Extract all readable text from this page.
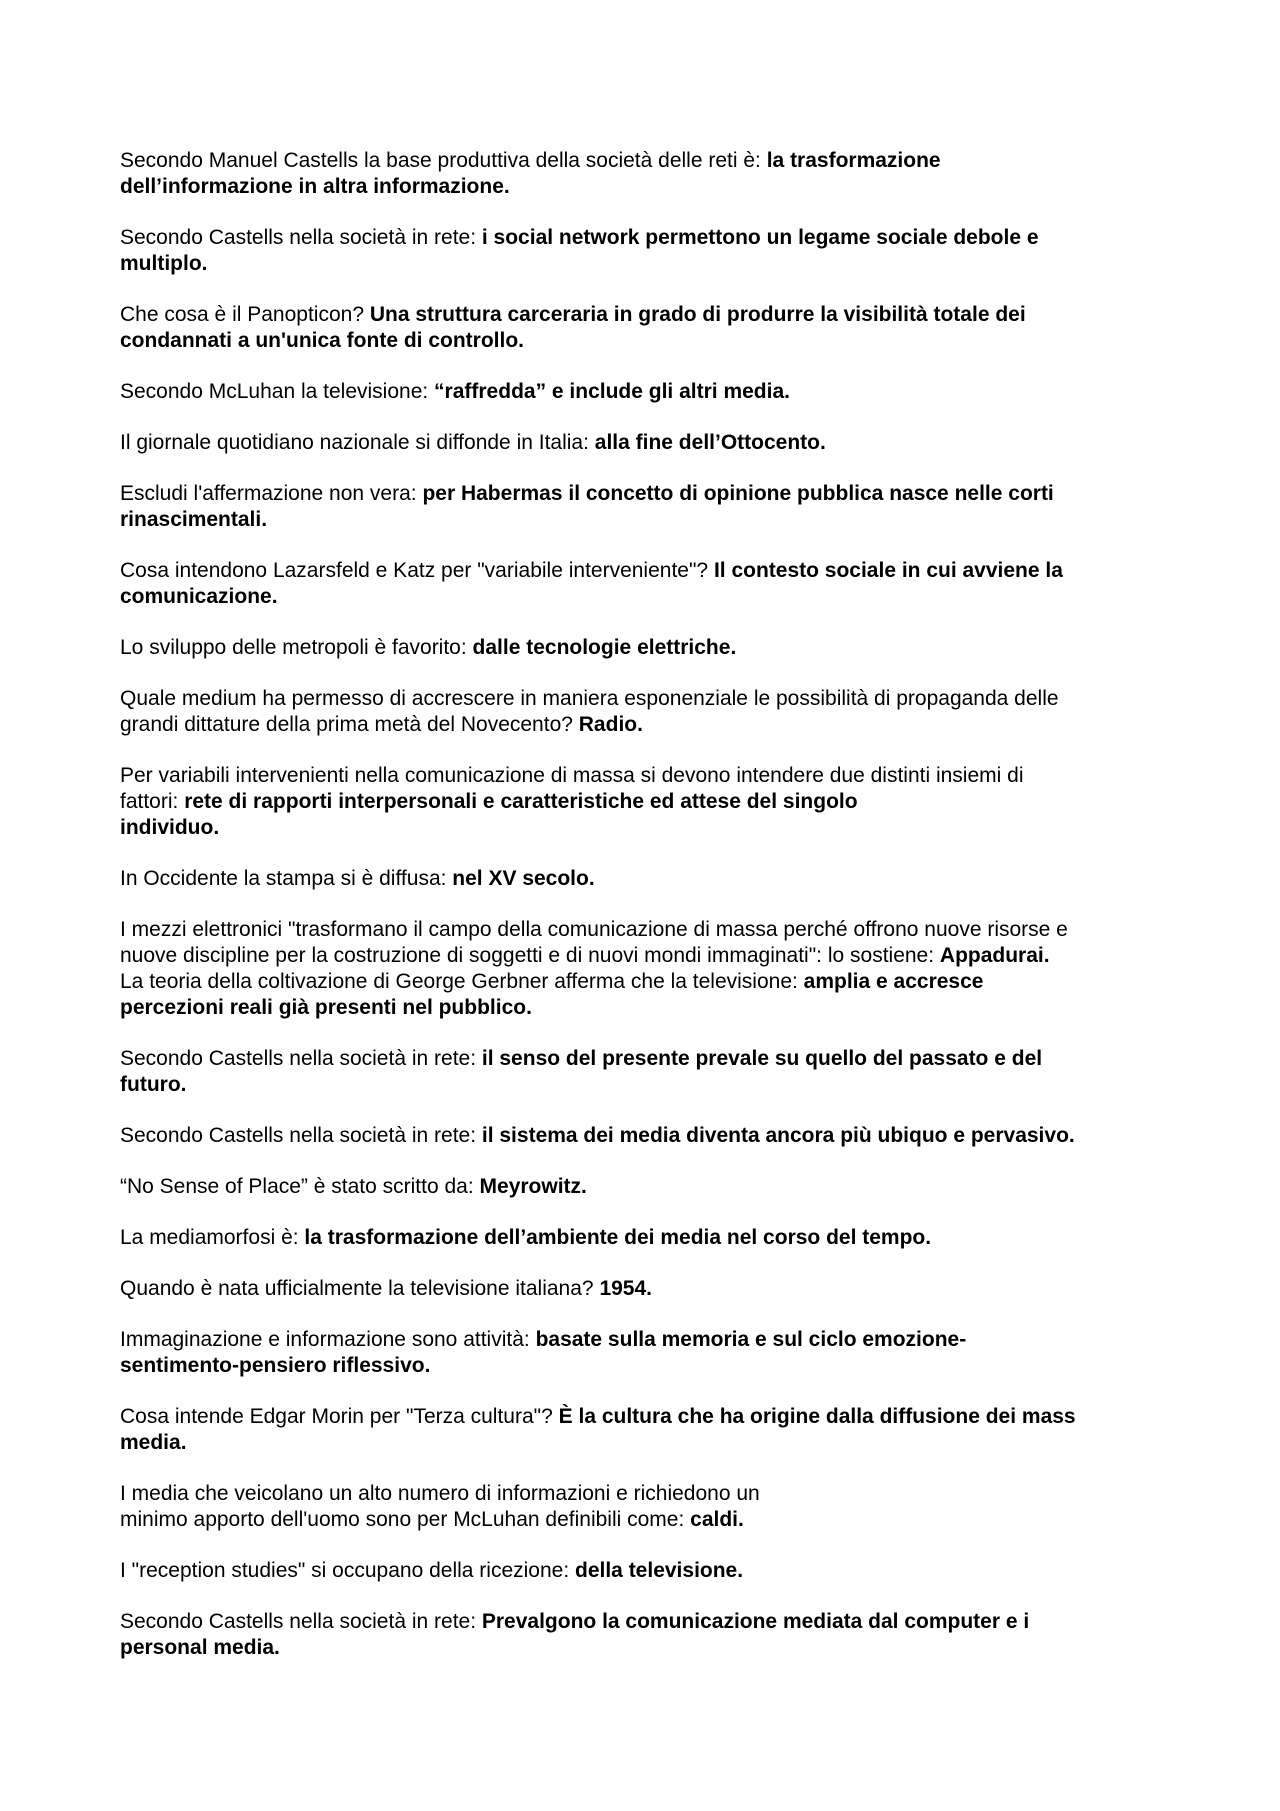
Secondo Manuel Castells la base produttiva della società delle reti è: la trasformazione
dell’informazione in altra informazione.

Secondo Castells nella società in rete: i social network permettono un legame sociale debole e
multiplo.

Che cosa è il Panopticon? Una struttura carceraria in grado di produrre la visibilità totale dei
condannati a un'unica fonte di controllo.

Secondo McLuhan la televisione: “raffredda” e include gli altri media.

Il giornale quotidiano nazionale si diffonde in Italia: alla fine dell’Ottocento.

Escludi l'affermazione non vera: per Habermas il concetto di opinione pubblica nasce nelle corti
rinascimentali.

Cosa intendono Lazarsfeld e Katz per "variabile interveniente"? Il contesto sociale in cui avviene la
comunicazione.

Lo sviluppo delle metropoli è favorito: dalle tecnologie elettriche.

Quale medium ha permesso di accrescere in maniera esponenziale le possibilità di propaganda delle
grandi dittature della prima metà del Novecento? Radio.

Per variabili intervenienti nella comunicazione di massa si devono intendere due distinti insiemi di
fattori: rete di rapporti interpersonali e caratteristiche ed attese del singolo
individuo.

In Occidente la stampa si è diffusa: nel XV secolo.

I mezzi elettronici "trasformano il campo della comunicazione di massa perché offrono nuove risorse e
nuove discipline per la costruzione di soggetti e di nuovi mondi immaginati": lo sostiene: Appadurai.

La teoria della coltivazione di George Gerbner afferma che la televisione: amplia e accresce
percezioni reali già presenti nel pubblico.

Secondo Castells nella società in rete: il senso del presente prevale su quello del passato e del
futuro.

Secondo Castells nella società in rete: il sistema dei media diventa ancora più ubiquo e pervasivo.

“No Sense of Place” è stato scritto da: Meyrowitz.

La mediamorfosi è: la trasformazione dell’ambiente dei media nel corso del tempo.

Quando è nata ufficialmente la televisione italiana? 1954.

Immaginazione e informazione sono attività: basate sulla memoria e sul ciclo emozione-
sentimento-pensiero riflessivo.

Cosa intende Edgar Morin per "Terza cultura"? È la cultura che ha origine dalla diffusione dei mass
media.

I media che veicolano un alto numero di informazioni e richiedono un
minimo apporto dell'uomo sono per McLuhan definibili come: caldi.

I "reception studies" si occupano della ricezione: della televisione.

Secondo Castells nella società in rete: Prevalgono la comunicazione mediata dal computer e i
personal media.
